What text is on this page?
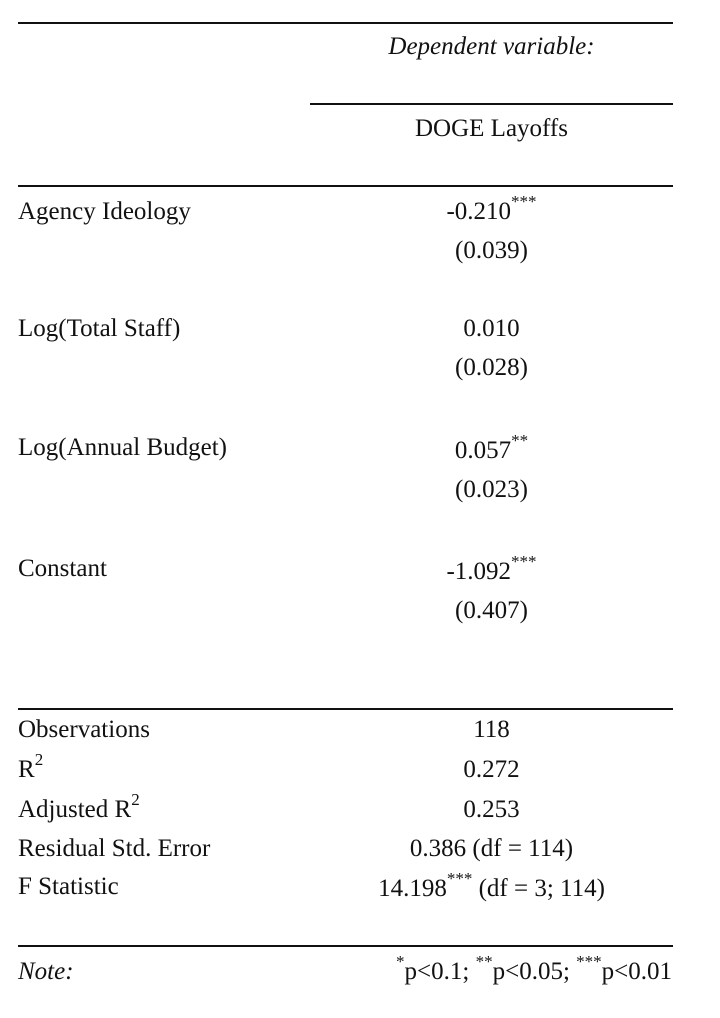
Dependent variable:
DOGE Layoffs
Agency Ideology	-0.210***
(0.039)
Log(Total Staff)	0.010
(0.028)
Log(Annual Budget)	0.057**
(0.023)
Constant	-1.092***
(0.407)
Observations	118
$R^2$	0.272
Adjusted $R^2$	0.253
Residual Std. Error	0.386 (df = 114)
F Statistic	14.198*** (df = 3; 114)
Note:	*p<0.1; **p<0.05; ***p<0.01
